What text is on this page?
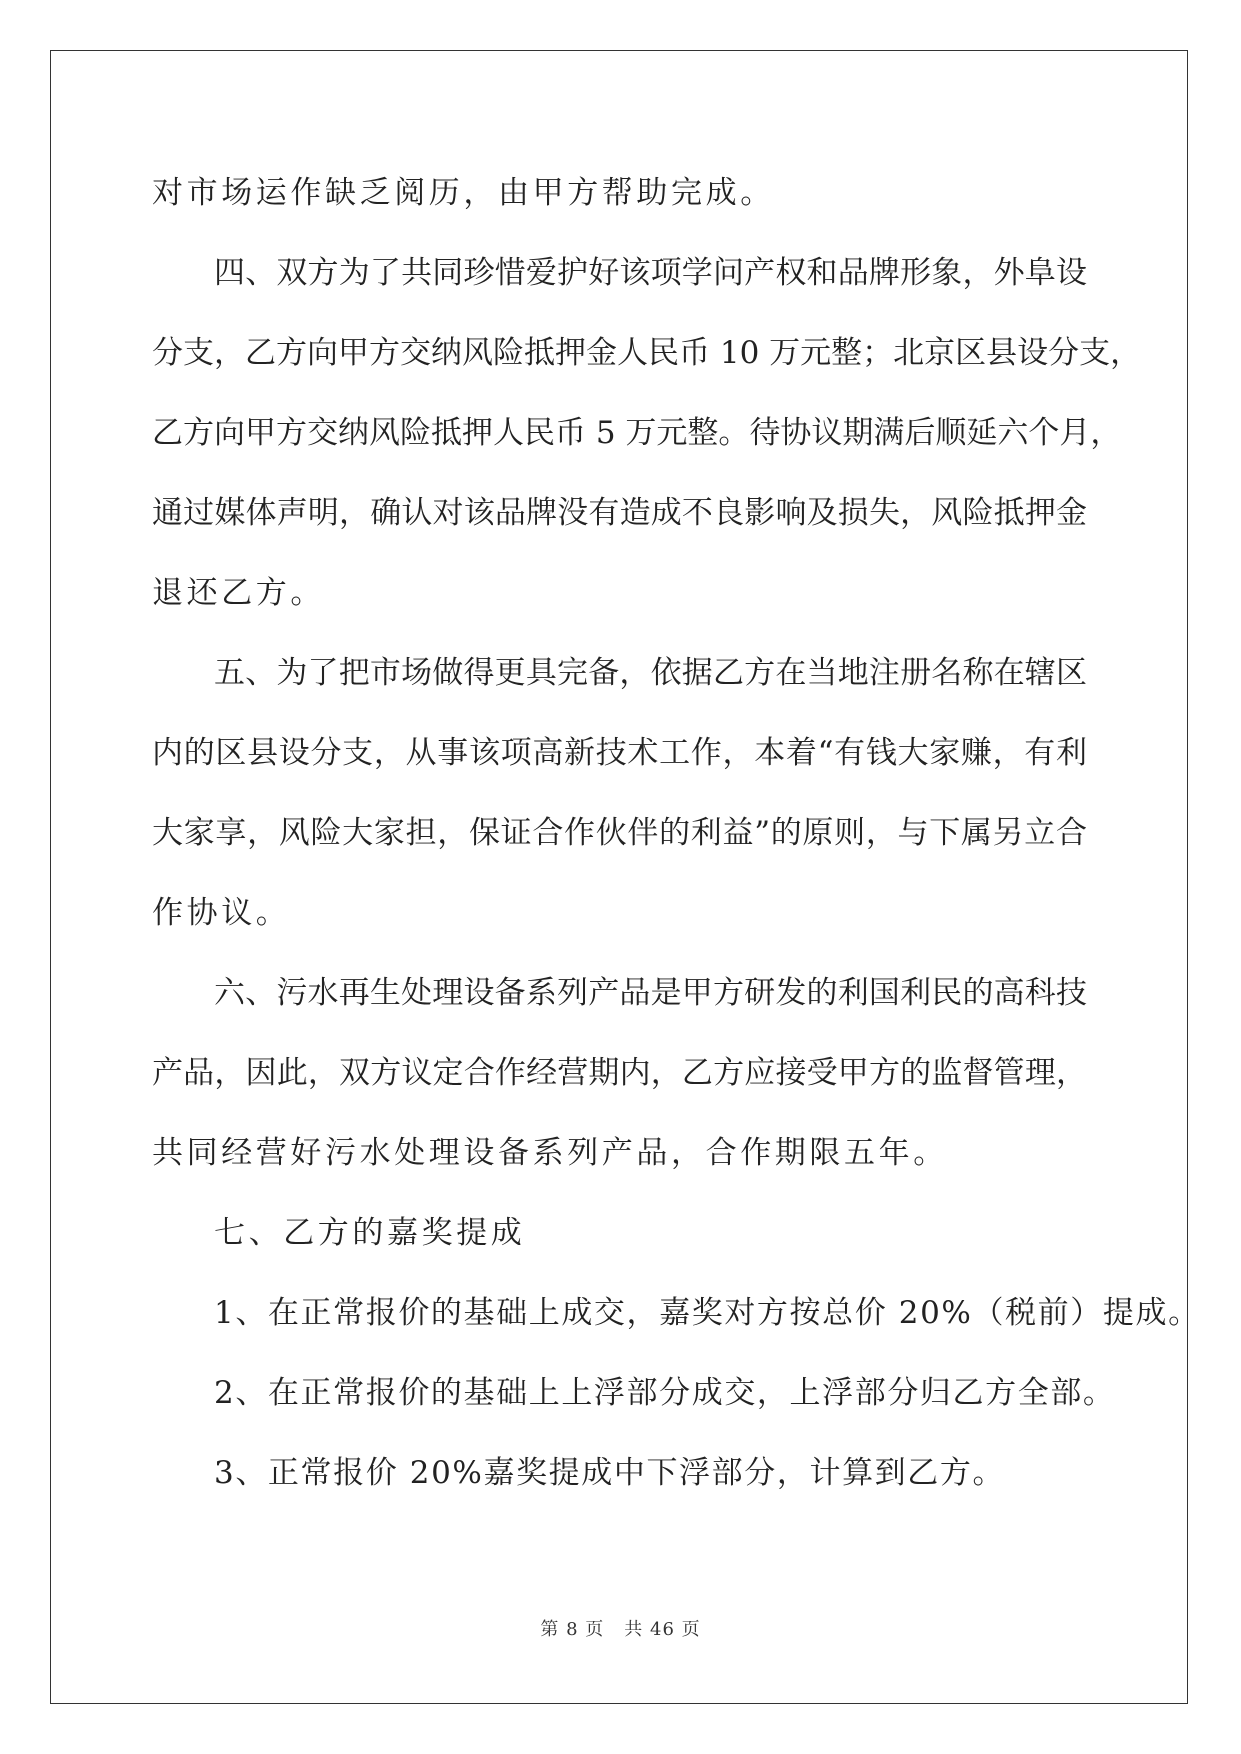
对市场运作缺乏阅历，由甲方帮助完成。
四、双方为了共同珍惜爱护好该项学问产权和品牌形象，外阜设
分支，乙方向甲方交纳风险抵押金人民币 10 万元整；北京区县设分支，
乙方向甲方交纳风险抵押人民币 5 万元整。待协议期满后顺延六个月，
通过媒体声明，确认对该品牌没有造成不良影响及损失，风险抵押金
退还乙方。
五、为了把市场做得更具完备，依据乙方在当地注册名称在辖区
内的区县设分支，从事该项高新技术工作，本着“有钱大家赚，有利
大家享，风险大家担，保证合作伙伴的利益”的原则，与下属另立合
作协议。
六、污水再生处理设备系列产品是甲方研发的利国利民的高科技
产品，因此，双方议定合作经营期内，乙方应接受甲方的监督管理，
共同经营好污水处理设备系列产品，合作期限五年。
七、乙方的嘉奖提成
1、在正常报价的基础上成交，嘉奖对方按总价 20%（税前）提成。
2、在正常报价的基础上上浮部分成交，上浮部分归乙方全部。
3、正常报价 20%嘉奖提成中下浮部分，计算到乙方。
第 8 页 共 46 页
